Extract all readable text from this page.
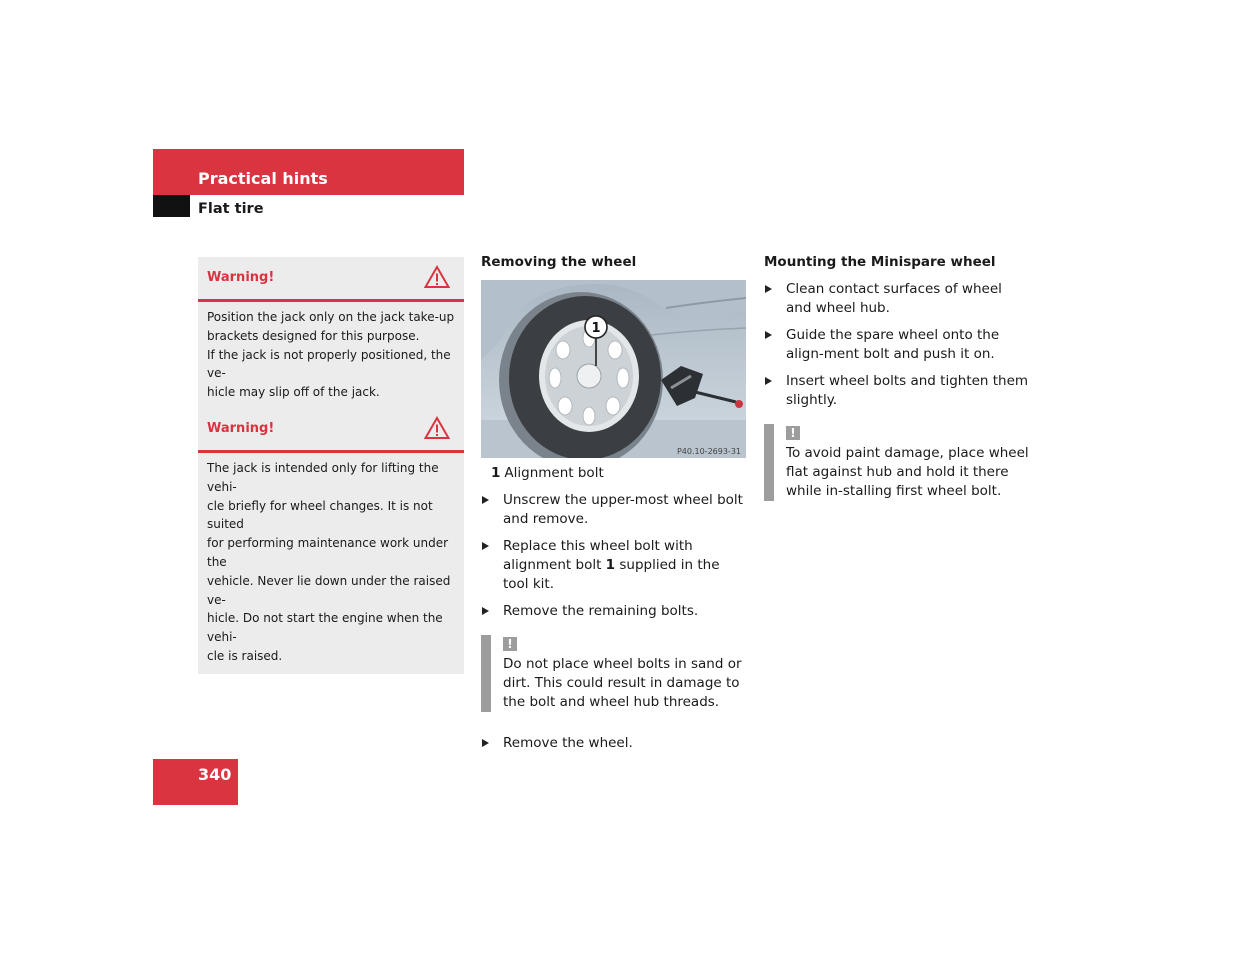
Practical hints
Flat tire
Warning!
Position the jack only on the jack take-up
brackets designed for this purpose.
If the jack is not properly positioned, the ve-
hicle may slip off of the jack.
Warning!
The jack is intended only for lifting the vehi-
cle briefly for wheel changes. It is not suited
for performing maintenance work under the
vehicle. Never lie down under the raised ve-
hicle. Do not start the engine when the vehi-
cle is raised.
Removing the wheel
1
P40.10-2693-31
1 Alignment bolt
Unscrew the upper-most wheel bolt and remove.
Replace this wheel bolt with alignment bolt 1 supplied in the tool kit.
Remove the remaining bolts.
!
Do not place wheel bolts in sand or dirt. This could result in damage to the bolt and wheel hub threads.
Remove the wheel.
Mounting the Minispare wheel
Clean contact surfaces of wheel and wheel hub.
Guide the spare wheel onto the align-ment bolt and push it on.
Insert wheel bolts and tighten them slightly.
!
To avoid paint damage, place wheel flat against hub and hold it there while in-stalling first wheel bolt.
340
